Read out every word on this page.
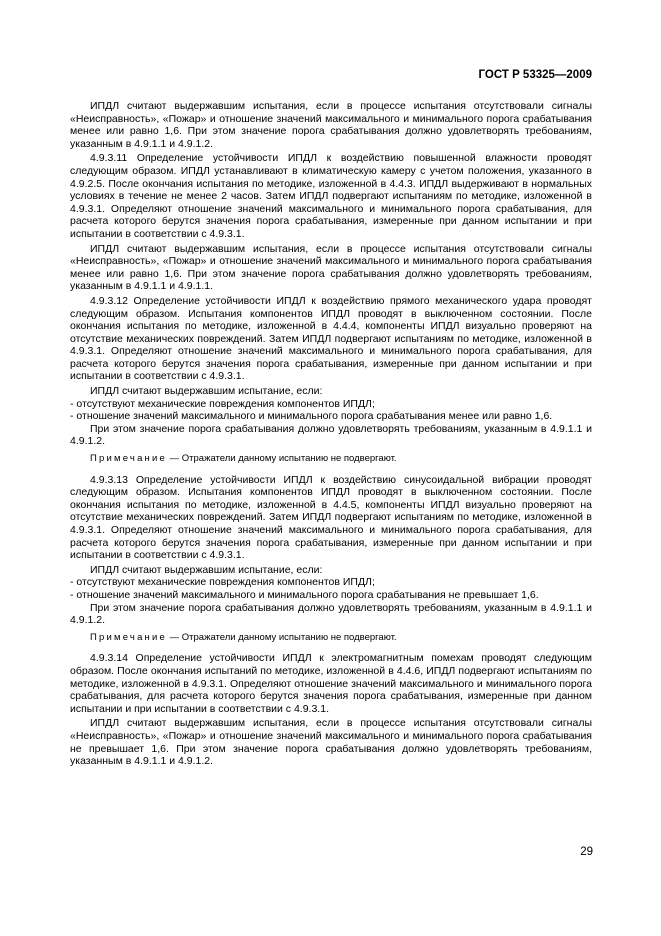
ГОСТ Р 53325—2009

ИПДЛ считают выдержавшим испытания, если в процессе испытания отсутствовали сигналы «Неисправность», «Пожар» и отношение значений максимального и минимального порога срабатывания менее или равно 1,6. При этом значение порога срабатывания должно удовлетворять требованиям, указанным в 4.9.1.1 и 4.9.1.2.

4.9.3.11 Определение устойчивости ИПДЛ к воздействию повышенной влажности проводят следующим образом. ИПДЛ устанавливают в климатическую камеру с учетом положения, указанного в 4.9.2.5. После окончания испытания по методике, изложенной в 4.4.3. ИПДЛ выдерживают в нормальных условиях в течение не менее 2 часов. Затем ИПДЛ подвергают испытаниям по методике, изложенной в 4.9.3.1. Определяют отношение значений максимального и минимального порога срабатывания, для расчета которого берутся значения порога срабатывания, измеренные при данном испытании и при испытании в соответствии с 4.9.3.1.

ИПДЛ считают выдержавшим испытания, если в процессе испытания отсутствовали сигналы «Неисправность», «Пожар» и отношение значений максимального и минимального порога срабатывания менее или равно 1,6. При этом значение порога срабатывания должно удовлетворять требованиям, указанным в 4.9.1.1 и 4.9.1.1.

4.9.3.12 Определение устойчивости ИПДЛ к воздействию прямого механического удара проводят следующим образом. Испытания компонентов ИПДЛ проводят в выключенном состоянии. После окончания испытания по методике, изложенной в 4.4.4, компоненты ИПДЛ визуально проверяют на отсутствие механических повреждений. Затем ИПДЛ подвергают испытаниям по методике, изложенной в 4.9.3.1. Определяют отношение значений максимального и минимального порога срабатывания, для расчета которого берутся значения порога срабатывания, измеренные при данном испытании и при испытании в соответствии с 4.9.3.1.

ИПДЛ считают выдержавшим испытание, если:

- отсутствуют механические повреждения компонентов ИПДЛ;

- отношение значений максимального и минимального порога срабатывания менее или равно 1,6.

При этом значение порога срабатывания должно удовлетворять требованиям, указанным в 4.9.1.1 и 4.9.1.2.

Примечание — Отражатели данному испытанию не подвергают.

4.9.3.13 Определение устойчивости ИПДЛ к воздействию синусоидальной вибрации проводят следующим образом. Испытания компонентов ИПДЛ проводят в выключенном состоянии. После окончания испытания по методике, изложенной в 4.4.5, компоненты ИПДЛ визуально проверяют на отсутствие механических повреждений. Затем ИПДЛ подвергают испытаниям по методике, изложенной в 4.9.3.1. Определяют отношение значений максимального и минимального порога срабатывания, для расчета которого берутся значения порога срабатывания, измеренные при данном испытании и при испытании в соответствии с 4.9.3.1.

ИПДЛ считают выдержавшим испытание, если:

- отсутствуют механические повреждения компонентов ИПДЛ;

- отношение значений максимального и минимального порога срабатывания не превышает 1,6.

При этом значение порога срабатывания должно удовлетворять требованиям, указанным в 4.9.1.1 и 4.9.1.2.

Примечание — Отражатели данному испытанию не подвергают.

4.9.3.14 Определение устойчивости ИПДЛ к электромагнитным помехам проводят следующим образом. После окончания испытаний по методике, изложенной в 4.4.6, ИПДЛ подвергают испытаниям по методике, изложенной в 4.9.3.1. Определяют отношение значений максимального и минимального порога срабатывания, для расчета которого берутся значения порога срабатывания, измеренные при данном испытании и при испытании в соответствии с 4.9.3.1.

ИПДЛ считают выдержавшим испытания, если в процессе испытания отсутствовали сигналы «Неисправность», «Пожар» и отношение значений максимального и минимального порога срабатывания не превышает 1,6. При этом значение порога срабатывания должно удовлетворять требованиям, указанным в 4.9.1.1 и 4.9.1.2.

29
